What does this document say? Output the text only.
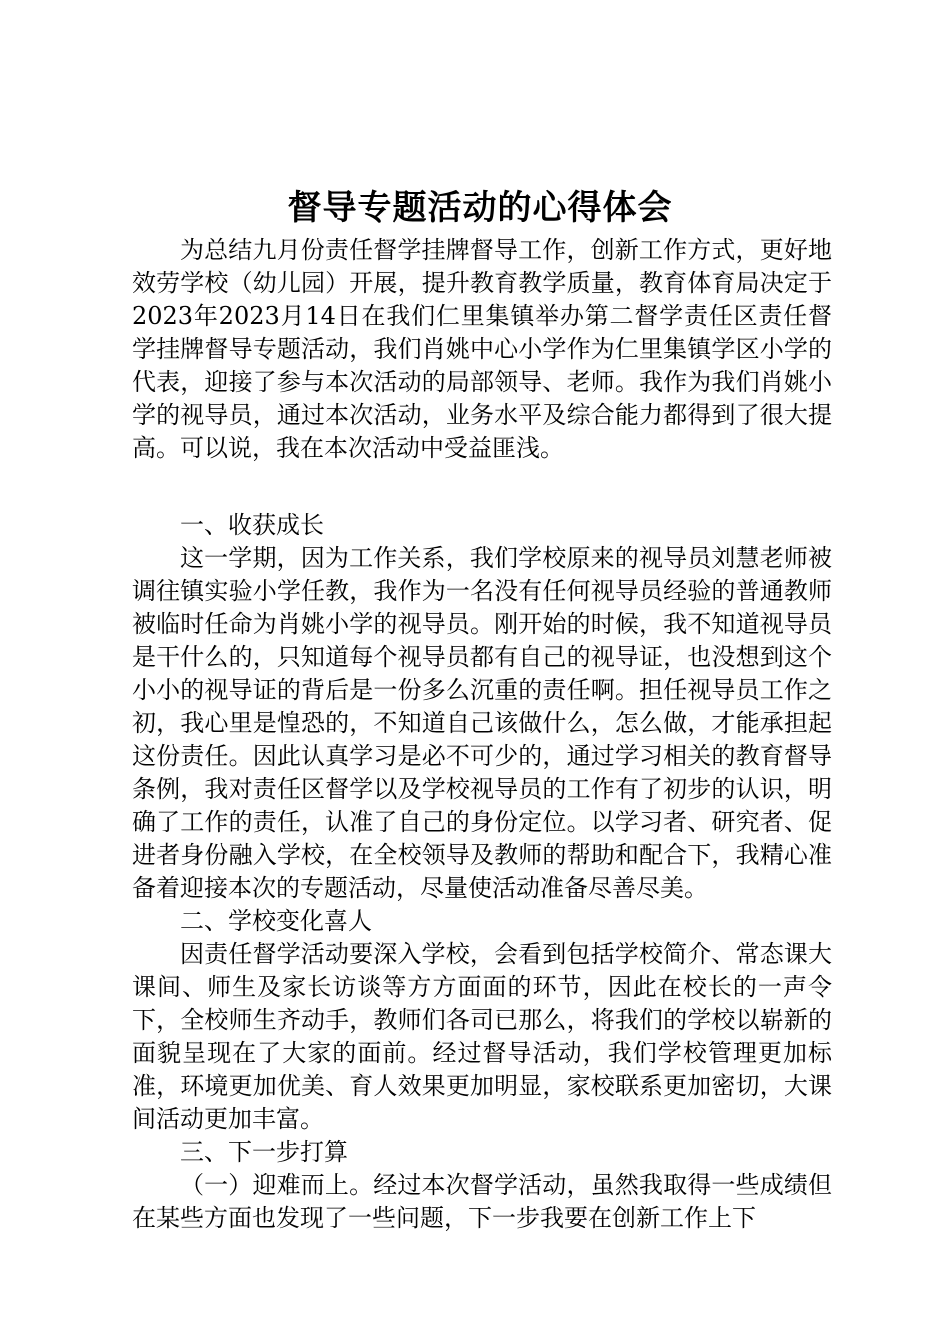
督导专题活动的心得体会

为总结九月份责任督学挂牌督导工作，创新工作方式，更好地效劳学校（幼儿园）开展，提升教育教学质量，教育体育局决定于2023年2023月14日在我们仁里集镇举办第二督学责任区责任督学挂牌督导专题活动，我们肖姚中心小学作为仁里集镇学区小学的代表，迎接了参与本次活动的局部领导、老师。我作为我们肖姚小学的视导员，通过本次活动，业务水平及综合能力都得到了很大提高。可以说，我在本次活动中受益匪浅。

一、收获成长

这一学期，因为工作关系，我们学校原来的视导员刘慧老师被调往镇实验小学任教，我作为一名没有任何视导员经验的普通教师被临时任命为肖姚小学的视导员。刚开始的时候，我不知道视导员是干什么的，只知道每个视导员都有自己的视导证，也没想到这个小小的视导证的背后是一份多么沉重的责任啊。担任视导员工作之初，我心里是惶恐的，不知道自己该做什么，怎么做，才能承担起这份责任。因此认真学习是必不可少的，通过学习相关的教育督导条例，我对责任区督学以及学校视导员的工作有了初步的认识，明确了工作的责任，认准了自己的身份定位。以学习者、研究者、促进者身份融入学校，在全校领导及教师的帮助和配合下，我精心准备着迎接本次的专题活动，尽量使活动准备尽善尽美。

二、学校变化喜人

因责任督学活动要深入学校，会看到包括学校简介、常态课大课间、师生及家长访谈等方方面面的环节，因此在校长的一声令下，全校师生齐动手，教师们各司已那么，将我们的学校以崭新的面貌呈现在了大家的面前。经过督导活动，我们学校管理更加标准，环境更加优美、育人效果更加明显，家校联系更加密切，大课间活动更加丰富。

三、下一步打算

（一）迎难而上。经过本次督学活动，虽然我取得一些成绩但在某些方面也发现了一些问题，下一步我要在创新工作上下
